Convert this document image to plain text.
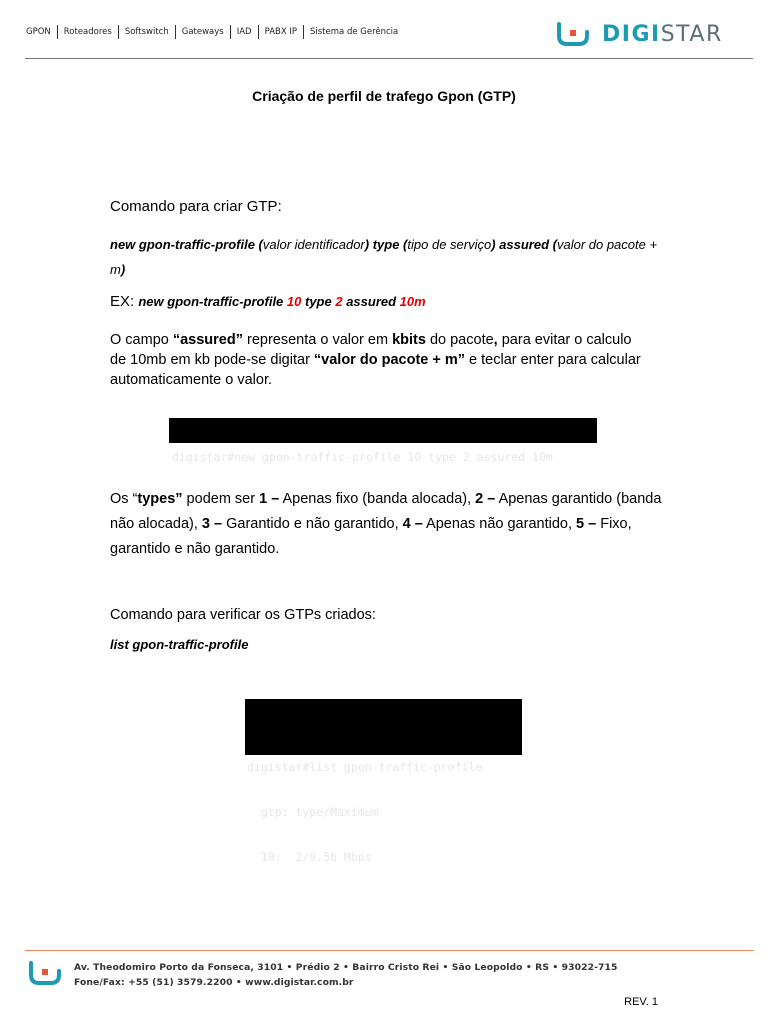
GPON	Roteadores	Softswitch	Gateways	IAD	PABX IP	Sistema de Gerência	DIGISTAR
Criação de perfil de trafego Gpon (GTP)
Comando para criar GTP:
new gpon-traffic-profile (valor identificador) type (tipo de serviço) assured (valor do pacote + m)
EX: new gpon-traffic-profile 10 type 2 assured 10m
O campo “assured” representa o valor em kbits do pacote, para evitar o calculo de 10mb em kb pode-se digitar “valor do pacote + m” e teclar enter para calcular automaticamente o valor.

digistar#new gpon-traffic-profile 10 type 2 assured 10m

Os “types” podem ser 1 – Apenas fixo (banda alocada), 2 – Apenas garantido (banda não alocada), 3 – Garantido e não garantido, 4 – Apenas não garantido, 5 – Fixo, garantido e não garantido.
Comando para verificar os GTPs criados:
list gpon-traffic-profile

digistar#list gpon-traffic-profile

gtp: type/Maximum

10:  2/9.56 Mbps

Av. Theodomiro Porto da Fonseca, 3101 • Prédio 2 • Bairro Cristo Rei • São Leopoldo • RS • 93022-715
Fone/Fax: +55 (51) 3579.2200 • www.digistar.com.br
REV. 1
